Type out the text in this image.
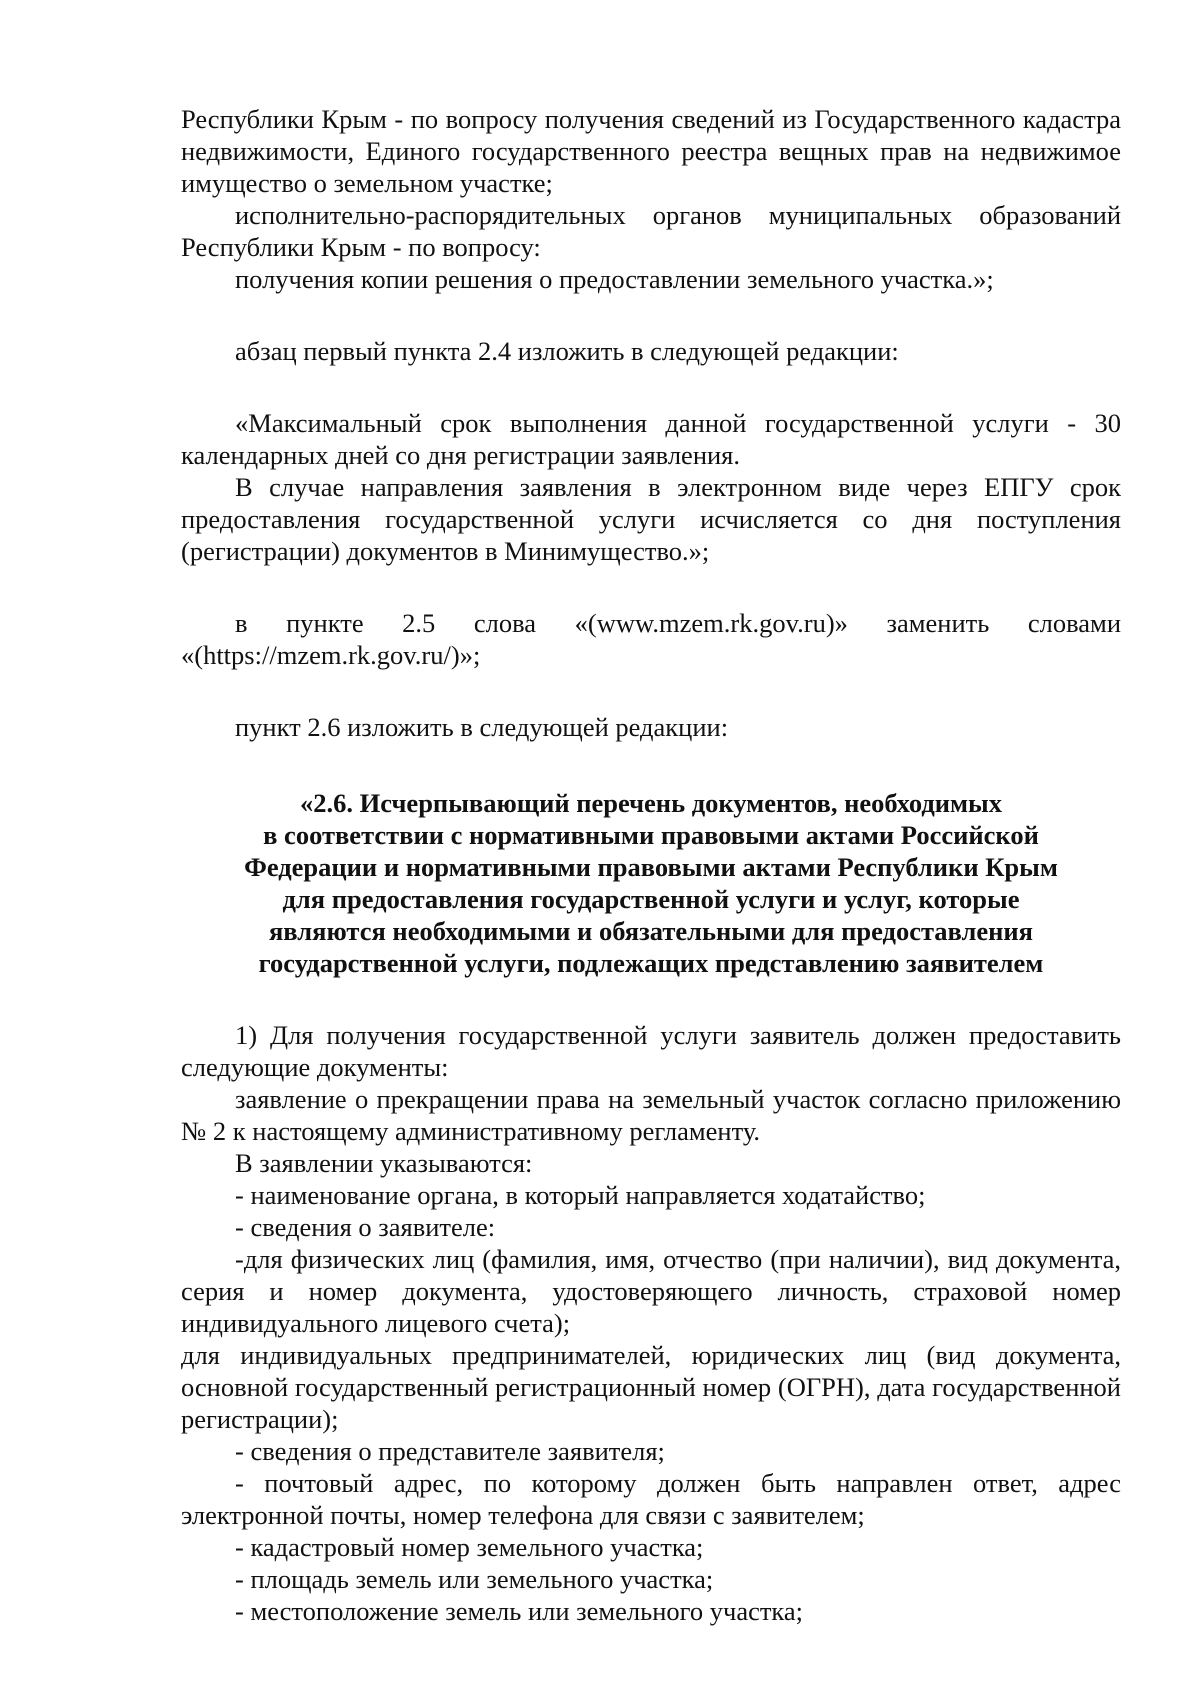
Республики Крым - по вопросу получения сведений из Государственного кадастра недвижимости, Единого государственного реестра вещных прав на недвижимое имущество о земельном участке;

исполнительно-распорядительных органов муниципальных образований Республики Крым - по вопросу:

получения копии решения о предоставлении земельного участка.»;

абзац первый пункта 2.4 изложить в следующей редакции:

«Максимальный срок выполнения данной государственной услуги - 30 календарных дней со дня регистрации заявления.

В случае направления заявления в электронном виде через ЕПГУ срок предоставления государственной услуги исчисляется со дня поступления (регистрации) документов в Минимущество.»;

в пункте 2.5 слова «(www.mzem.rk.gov.ru)» заменить словами «(https://mzem.rk.gov.ru/)»;

пункт 2.6 изложить в следующей редакции:

«2.6. Исчерпывающий перечень документов, необходимых

в соответствии с нормативными правовыми актами Российской

Федерации и нормативными правовыми актами Республики Крым

для предоставления государственной услуги и услуг, которые

являются необходимыми и обязательными для предоставления

государственной услуги, подлежащих представлению заявителем

1) Для получения государственной услуги заявитель должен предоставить следующие документы:

заявление о прекращении права на земельный участок согласно приложению № 2 к настоящему административному регламенту.

В заявлении указываются:

- наименование органа, в который направляется ходатайство;

- сведения о заявителе:

-для физических лиц (фамилия, имя, отчество (при наличии), вид документа, серия и номер документа, удостоверяющего личность, страховой номер индивидуального лицевого счета);

для индивидуальных предпринимателей, юридических лиц (вид документа, основной государственный регистрационный номер (ОГРН), дата государственной регистрации);

- сведения о представителе заявителя;

- почтовый адрес, по которому должен быть направлен ответ, адрес электронной почты, номер телефона для связи с заявителем;

- кадастровый номер земельного участка;

- площадь земель или земельного участка;

- местоположение земель или земельного участка;
